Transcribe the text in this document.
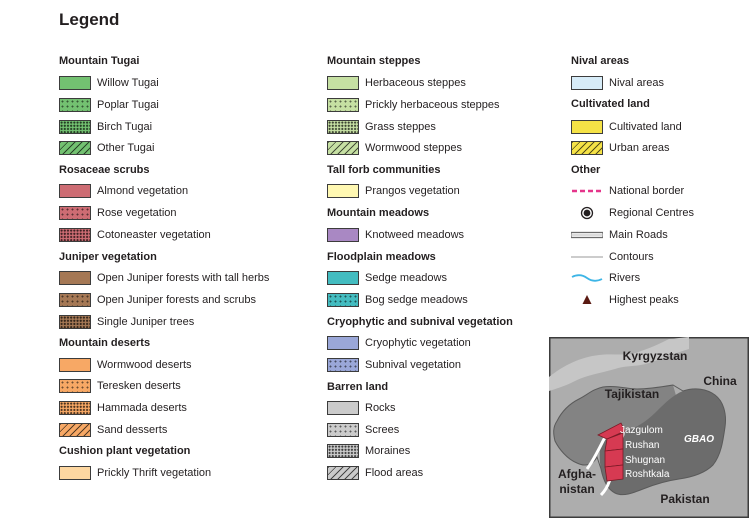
Legend
Mountain Tugai
Willow Tugai
Poplar Tugai
Birch Tugai
Other Tugai
Rosaceae scrubs
Almond vegetation
Rose vegetation
Cotoneaster vegetation
Juniper vegetation
Open Juniper forests with tall herbs
Open Juniper forests and scrubs
Single Juniper trees
Mountain deserts
Wormwood deserts
Teresken deserts
Hammada deserts
Sand desserts
Cushion plant vegetation
Prickly Thrift vegetation
Mountain steppes
Herbaceous steppes
Prickly herbaceous steppes
Grass steppes
Wormwood steppes
Tall forb communities
Prangos vegetation
Mountain meadows
Knotweed meadows
Floodplain meadows
Sedge meadows
Bog sedge meadows
Cryophytic and subnival vegetation
Cryophytic vegetation
Subnival vegetation
Barren land
Rocks
Screes
Moraines
Flood areas
Nival areas
Nival areas
Cultivated land
Cultivated land
Urban areas
Other
National border
Regional Centres
Main Roads
Contours
Rivers
Highest peaks
Kyrgyzstan
Tajikistan
China
Afgha-
nistan
Pakistan
GBAO
Jazgulom
Rushan
Shugnan
Roshtkala
